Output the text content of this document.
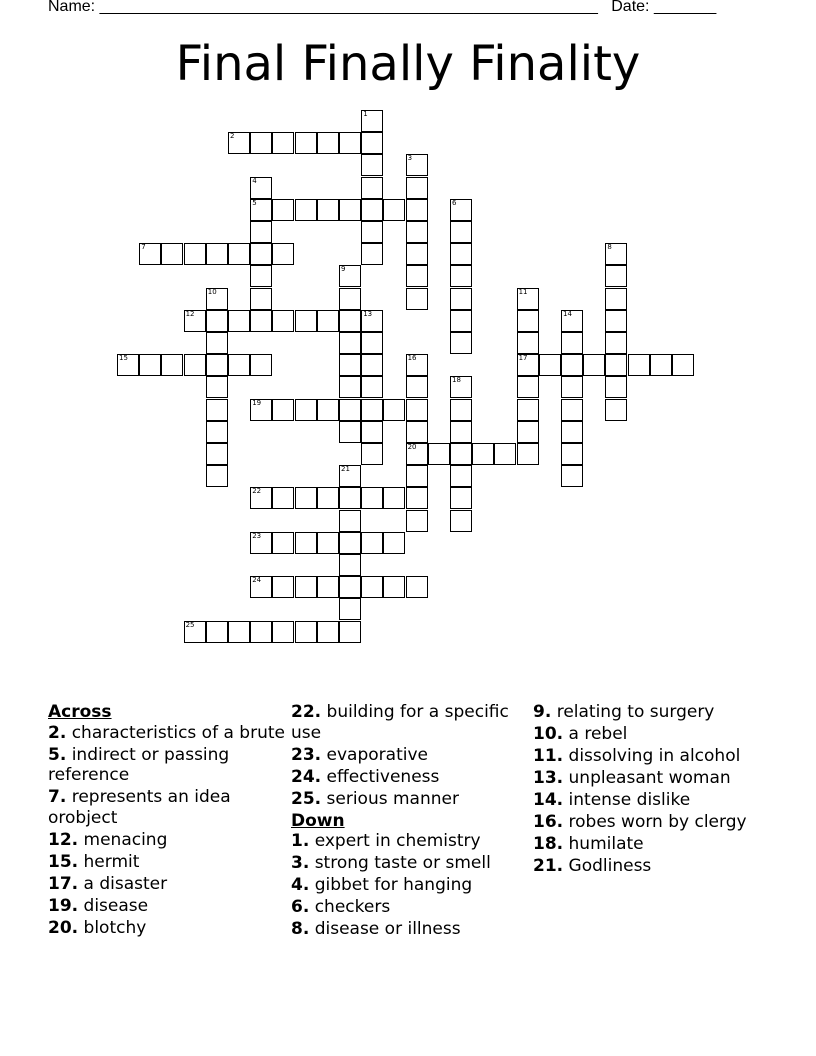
Name: ________________________________________________________ Date: _______
Final Finally Finality
1
2
3
4
5	6
7	8
9
10	11
17
12	13	14
15	16
20
18
19
21
22
23
24
25
Across
2. characteristics of a brute
5. indirect or passing reference
7. represents an idea orobject
12. menacing
15. hermit
17. a disaster
19. disease
20. blotchy
22. building for a specific use
23. evaporative
24. effectiveness
25. serious manner
Down
1. expert in chemistry
3. strong taste or smell
4. gibbet for hanging
6. checkers
8. disease or illness
9. relating to surgery
10. a rebel
11. dissolving in alcohol
13. unpleasant woman
14. intense dislike
16. robes worn by clergy
18. humilate
21. Godliness
